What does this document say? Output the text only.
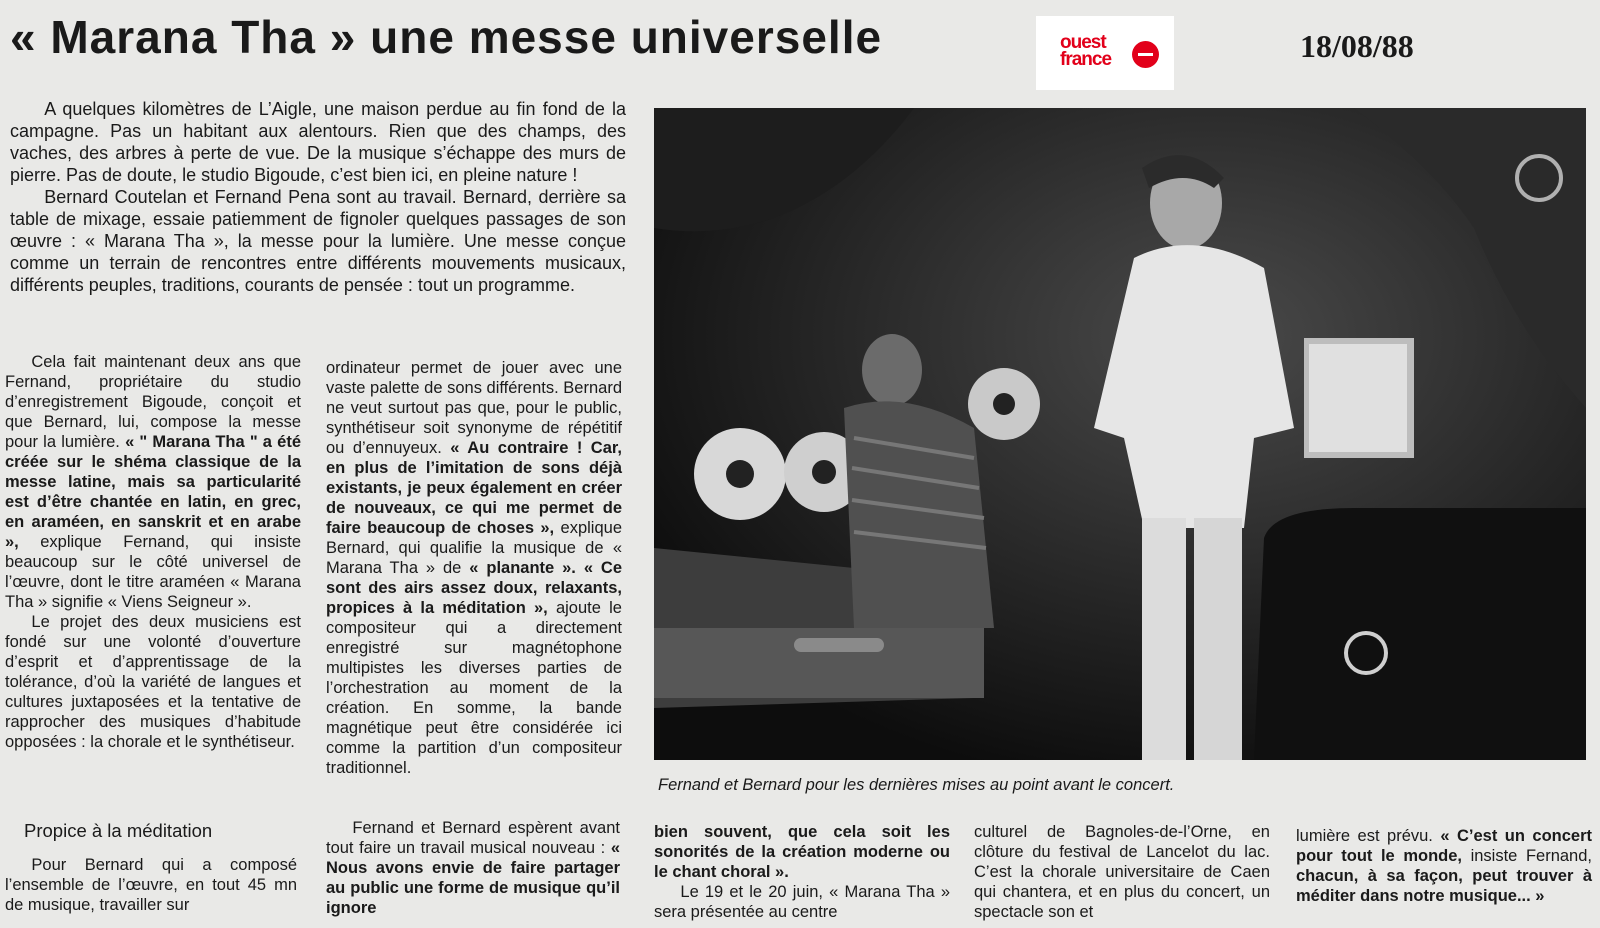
« Marana Tha » une messe universelle	ouest france	18/08/88

A quelques kilomètres de L’Aigle, une maison perdue au fin fond de la campagne. Pas un habitant aux alentours. Rien que des champs, des vaches, des arbres à perte de vue. De la musique s’échappe des murs de pierre. Pas de doute, le studio Bigoude, c’est bien ici, en pleine nature !

Bernard Coutelan et Fernand Pena sont au travail. Bernard, derrière sa table de mixage, essaie patiemment de fignoler quelques passages de son œuvre : « Marana Tha », la messe pour la lumière. Une messe conçue comme un terrain de rencontres entre différents mouvements musicaux, différents peuples, traditions, courants de pensée : tout un programme.

Cela fait maintenant deux ans que Fernand, propriétaire du studio d’enregistrement Bigoude, conçoit et que Bernard, lui, compose la messe pour la lumière. « " Marana Tha " a été créée sur le shéma classique de la messe latine, mais sa particularité est d’être chantée en latin, en grec, en araméen, en sanskrit et en arabe », explique Fernand, qui insiste beaucoup sur le côté universel de l’œuvre, dont le titre araméen « Marana Tha » signifie « Viens Seigneur ».

Le projet des deux musiciens est fondé sur une volonté d’ouverture d’esprit et d’apprentissage de la tolérance, d’où la variété de langues et cultures juxtaposées et la tentative de rapprocher des musiques d’habitude opposées : la chorale et le synthétiseur.

ordinateur permet de jouer avec une vaste palette de sons différents. Bernard ne veut surtout pas que, pour le public, synthétiseur soit synonyme de répétitif ou d’ennuyeux. « Au contraire ! Car, en plus de l’imitation de sons déjà existants, je peux également en créer de nouveaux, ce qui me permet de faire beaucoup de choses », explique Bernard, qui qualifie la musique de « Marana Tha » de « planante ». « Ce sont des airs assez doux, relaxants, propices à la méditation », ajoute le compositeur qui a directement enregistré sur magnétophone multipistes les diverses parties de l’orchestration au moment de la création. En somme, la bande magnétique peut être considérée ici comme la partition d’un compositeur traditionnel.

Propice à la méditation

Pour Bernard qui a composé l’ensemble de l’œuvre, en tout 45 mn de musique, travailler sur

Fernand et Bernard espèrent avant tout faire un travail musical nouveau : « Nous avons envie de faire partager au public une forme de musique qu’il ignore

bien souvent, que cela soit les sonorités de la création moderne ou le chant choral ».

Le 19 et le 20 juin, « Marana Tha » sera présentée au centre

culturel de Bagnoles-de-l’Orne, en clôture du festival de Lancelot du lac. C’est la chorale universitaire de Caen qui chantera, et en plus du concert, un spectacle son et

lumière est prévu. « C’est un concert pour tout le monde, insiste Fernand, chacun, à sa façon, peut trouver à méditer dans notre musique... »

Fernand et Bernard pour les dernières mises au point avant le concert.
